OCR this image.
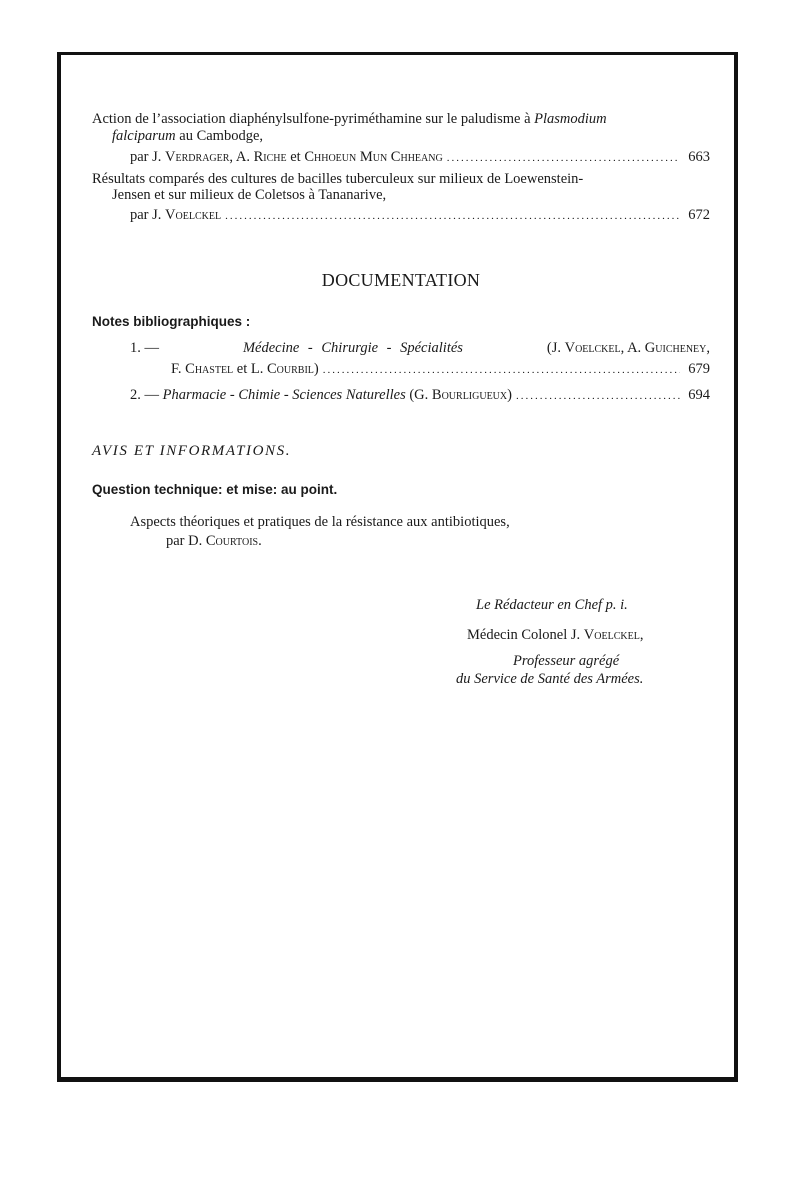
Action de l’association diaphénylsulfone-pyriméthamine sur le paludisme à Plasmodium
falciparum au Cambodge,
par J. Verdrager, A. Riche et Chhoeun Mun Chheang .....	663
Résultats comparés des cultures de bacilles tuberculeux sur milieux de Loewenstein-
Jensen et sur milieux de Coletsos à Tananarive,
par J. Voelckel .....	672
DOCUMENTATION
Notes bibliographiques :
1. —	Médecine - Chirurgie - Spécialités	(J. Voelckel, A. Guicheney,
F. Chastel et L. Courbil) .....	679
2. — Pharmacie - Chimie - Sciences Naturelles (G. Bourligueux) .....	694
AVIS ET INFORMATIONS.
Question technique: et mise: au point.
Aspects théoriques et pratiques de la résistance aux antibiotiques,
par D. Courtois.
Le Rédacteur en Chef p. i.
Médecin Colonel J. Voelckel,
Professeur agrégé
du Service de Santé des Armées.
